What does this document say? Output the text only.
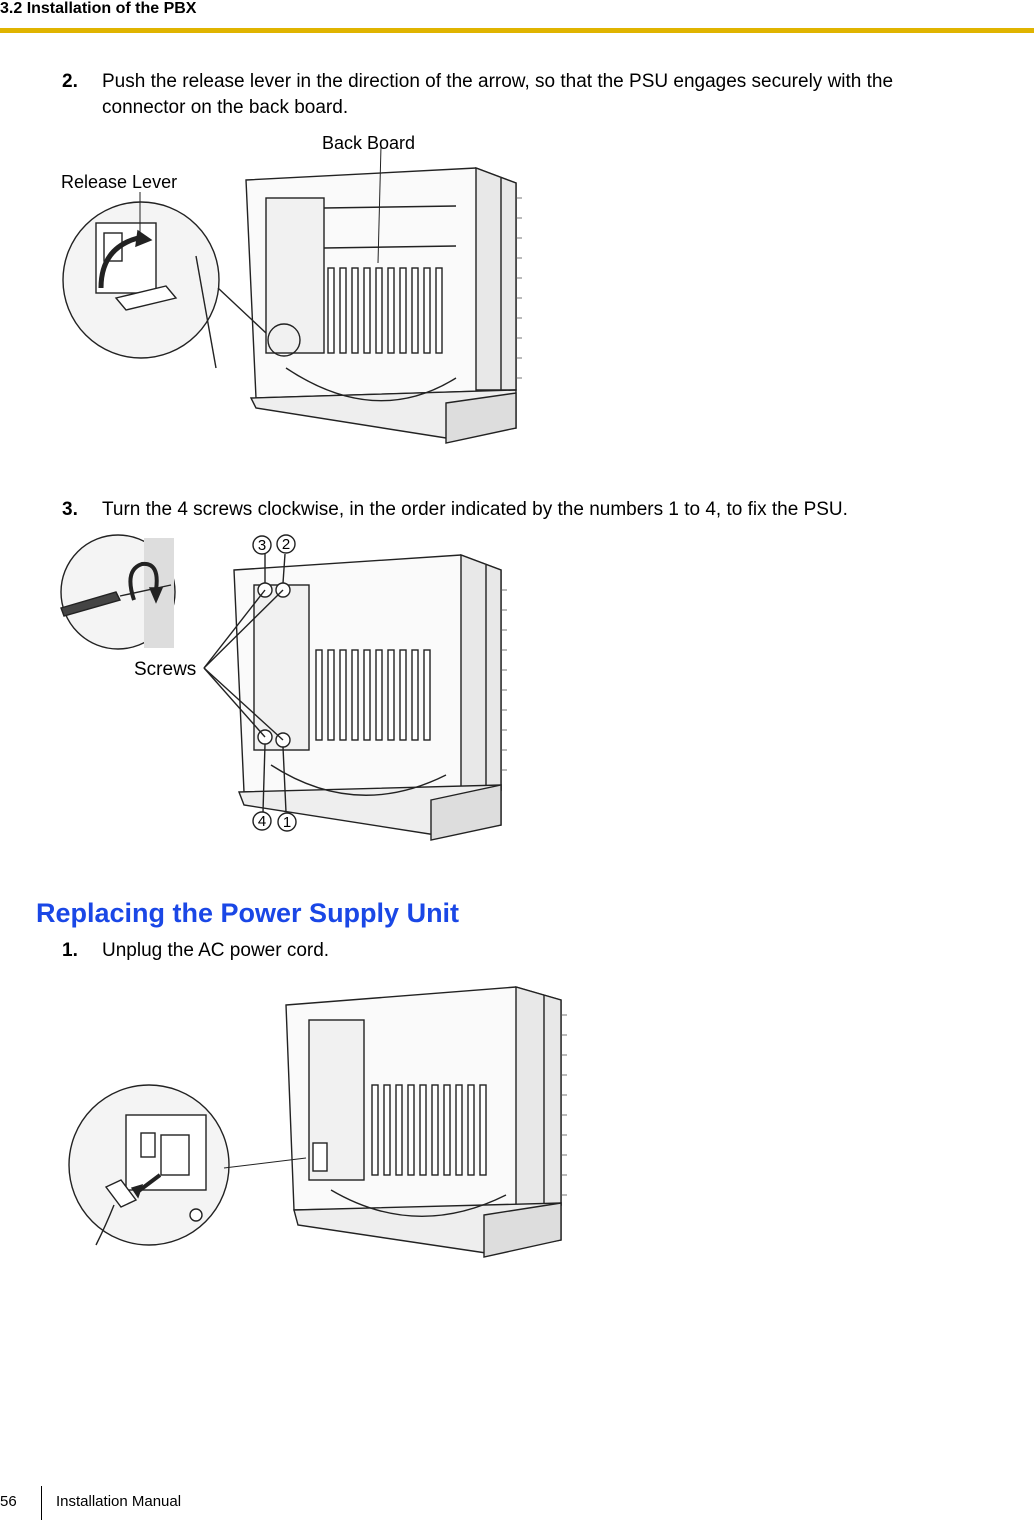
3.2 Installation of the PBX
2. Push the release lever in the direction of the arrow, so that the PSU engages securely with the
connector on the back board.
Back Board
Release Lever
3. Turn the 4 screws clockwise, in the order indicated by the numbers 1 to 4, to fix the PSU.
3 2
4 1
Screws
Replacing the Power Supply Unit
1. Unplug the AC power cord.
56	Installation Manual
